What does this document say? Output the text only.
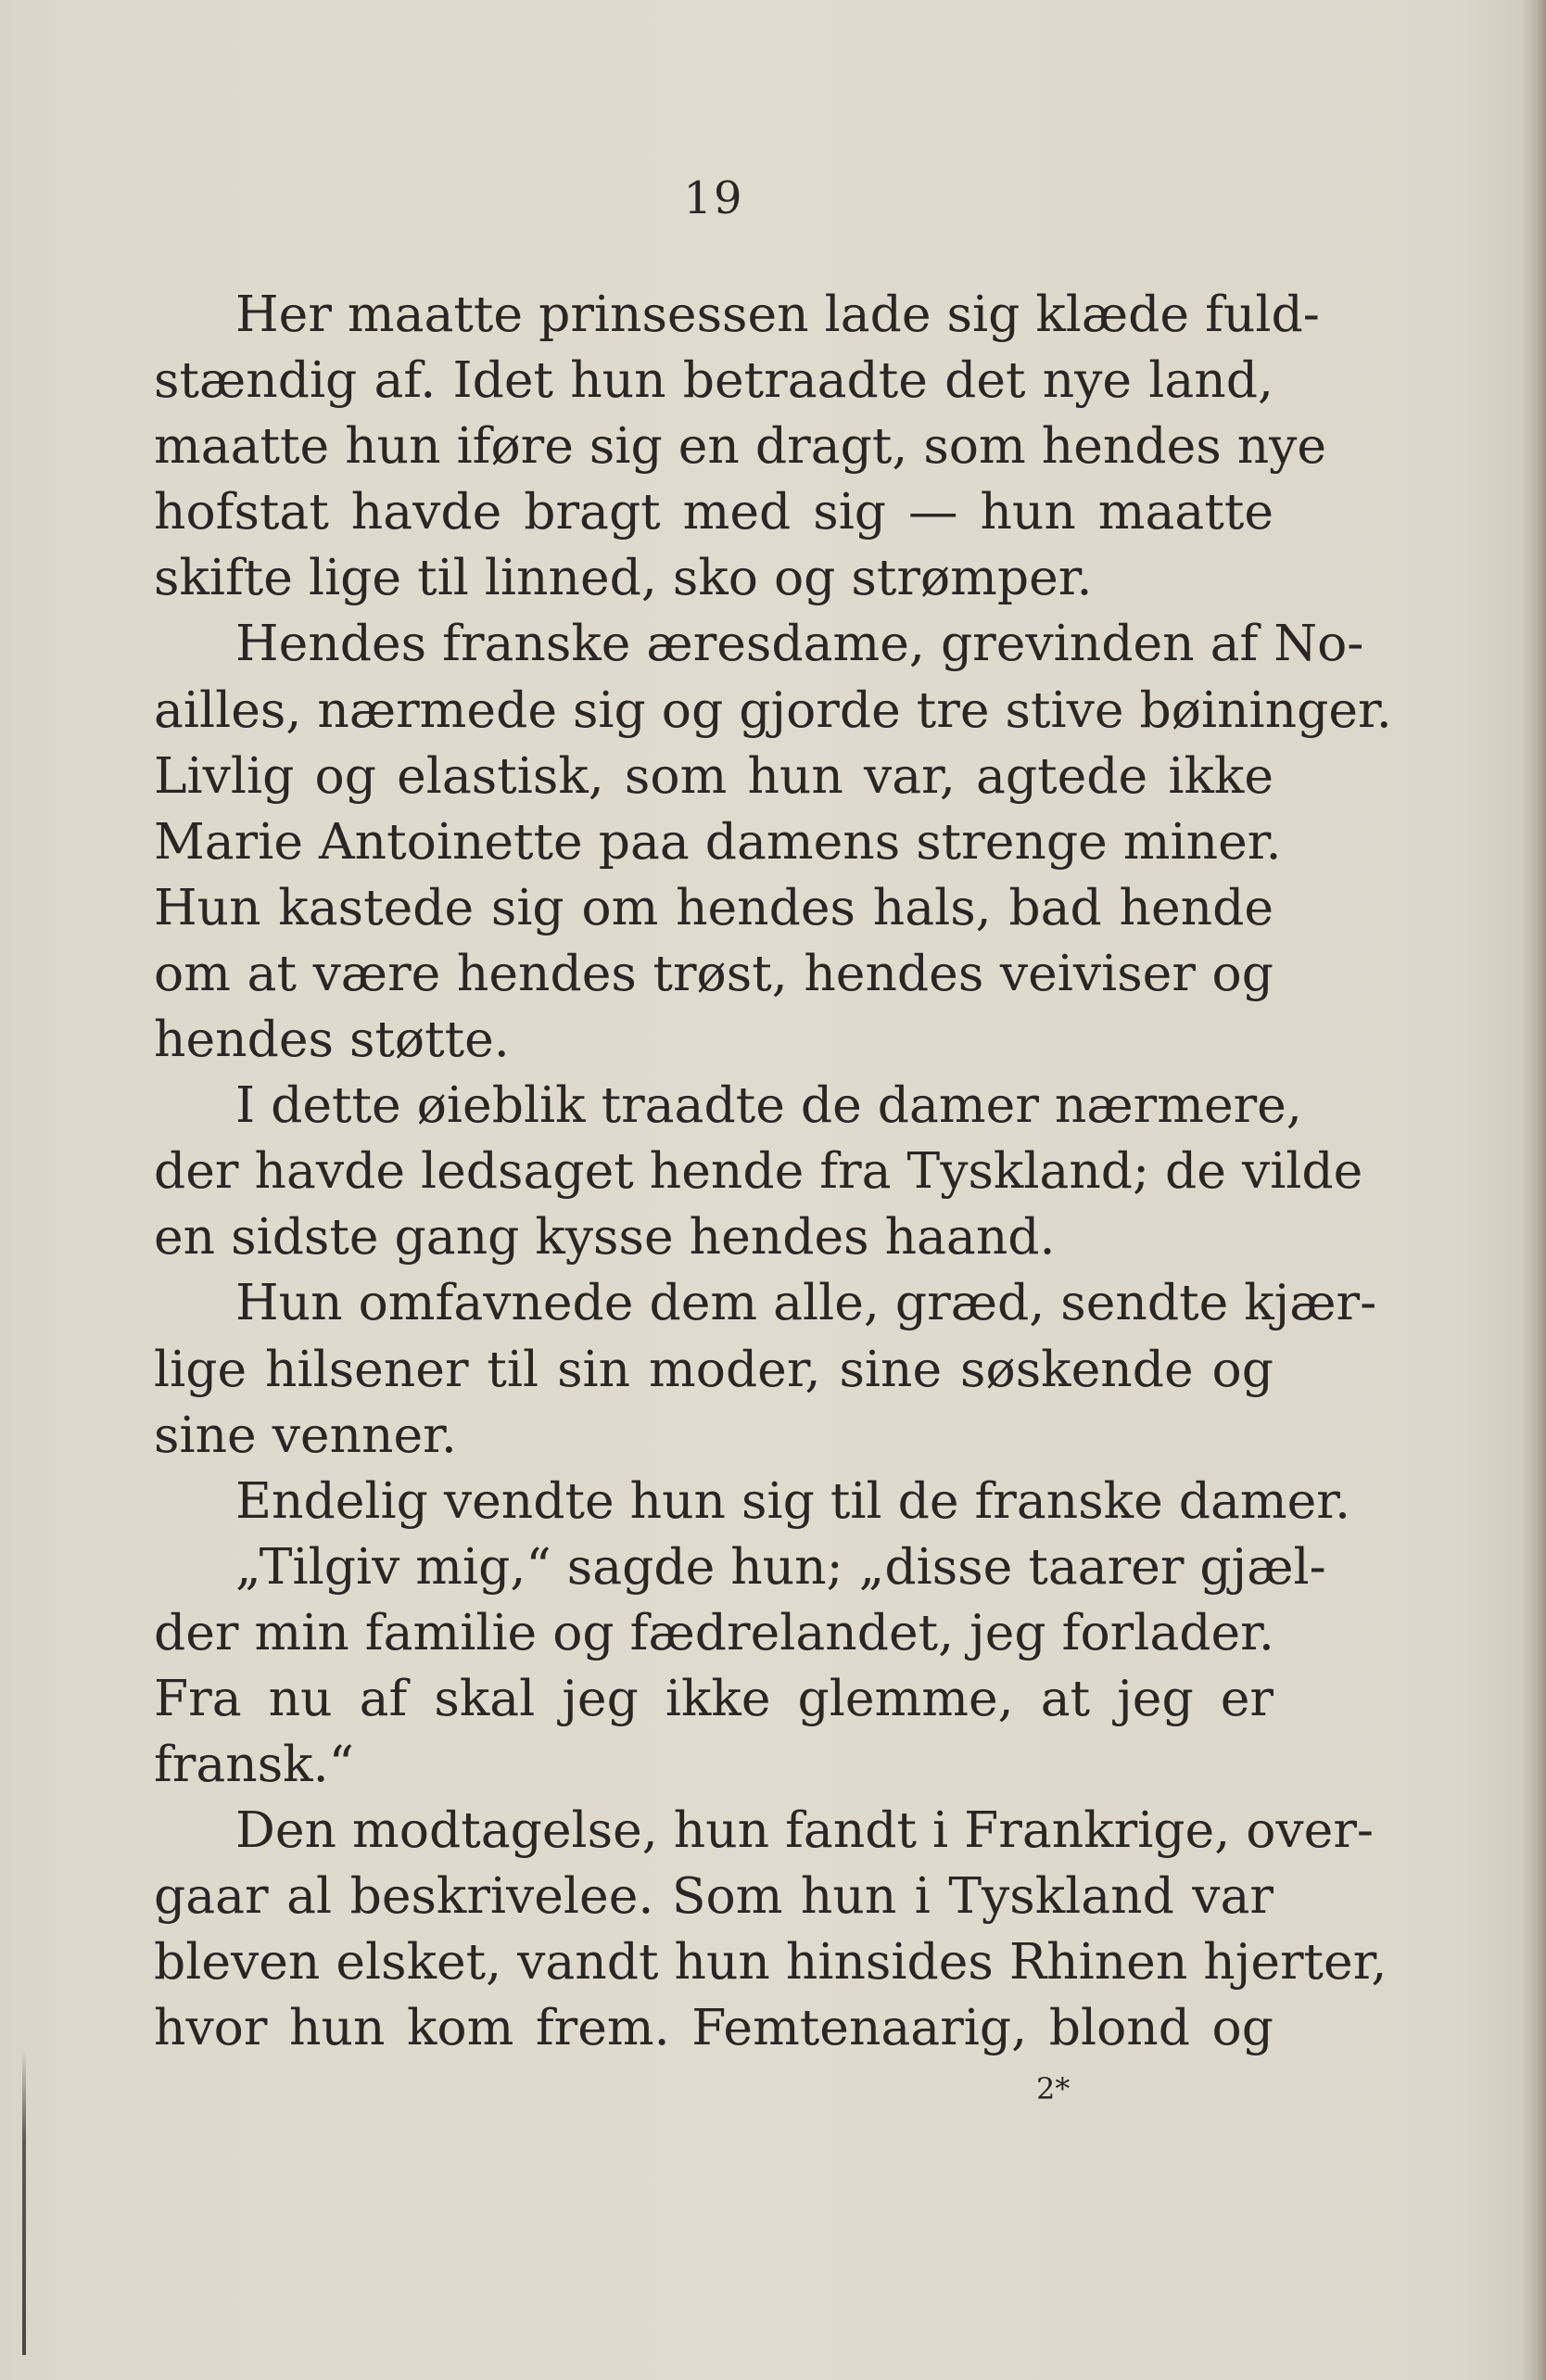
19
Her maatte prinsessen lade sig klæde fuld-
stændig af. Idet hun betraadte det nye land,
maatte hun iføre sig en dragt, som hendes nye
hofstat havde bragt med sig — hun maatte
skifte lige til linned, sko og strømper.
Hendes franske æresdame, grevinden af No-
ailles, nærmede sig og gjorde tre stive bøininger.
Livlig og elastisk, som hun var, agtede ikke
Marie Antoinette paa damens strenge miner.
Hun kastede sig om hendes hals, bad hende
om at være hendes trøst, hendes veiviser og
hendes støtte.
I dette øieblik traadte de damer nærmere,
der havde ledsaget hende fra Tyskland; de vilde
en sidste gang kysse hendes haand.
Hun omfavnede dem alle, græd, sendte kjær-
lige hilsener til sin moder, sine søskende og
sine venner.
Endelig vendte hun sig til de franske damer.
„Tilgiv mig,“ sagde hun; „disse taarer gjæl-
der min familie og fædrelandet, jeg forlader.
Fra nu af skal jeg ikke glemme, at jeg er
fransk.“
Den modtagelse, hun fandt i Frankrige, over-
gaar al beskrivelee. Som hun i Tyskland var
bleven elsket, vandt hun hinsides Rhinen hjerter,
hvor hun kom frem. Femtenaarig, blond og
2*
